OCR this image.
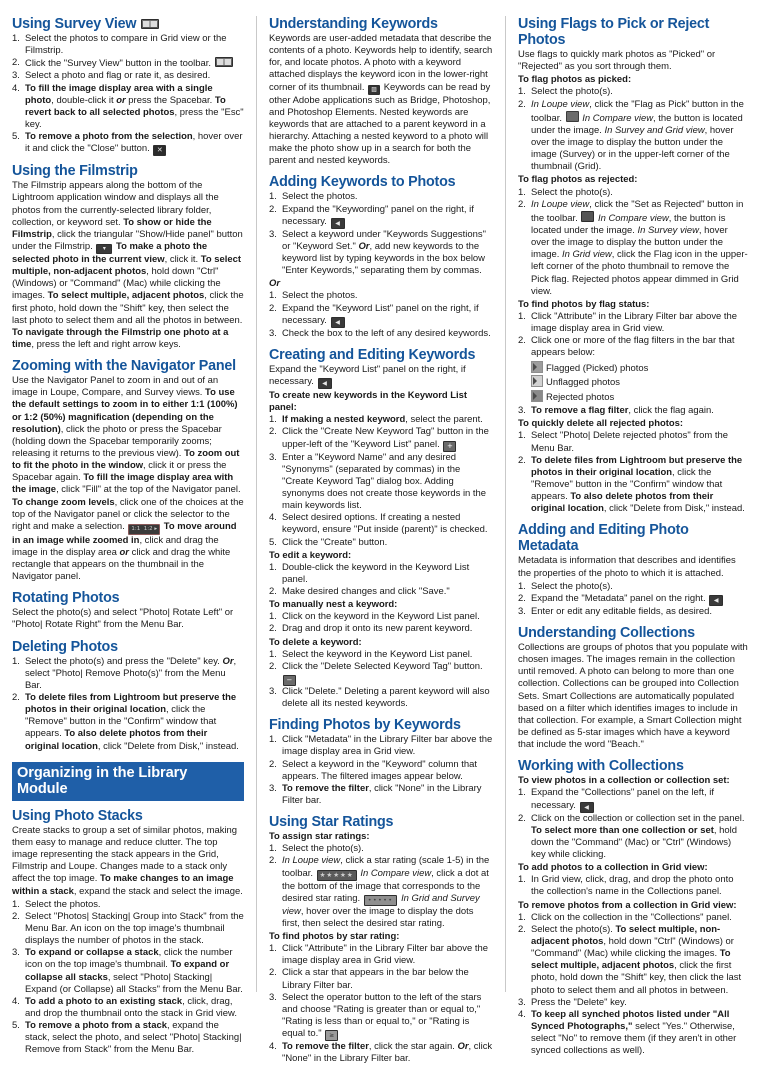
Using Survey View
Select the photos to compare in Grid view or the Filmstrip.
Click the "Survey View" button in the toolbar.
Select a photo and flag or rate it, as desired.
To fill the image display area with a single photo, double-click it or press the Spacebar. To revert back to all selected photos, press the "Esc" key.
To remove a photo from the selection, hover over it and click the "Close" button. ✕
Using the Filmstrip

The Filmstrip appears along the bottom of the Lightroom application window and displays all the photos from the currently-selected library folder, collection, or keyword set. To show or hide the Filmstrip, click the triangular "Show/Hide panel" button under the Filmstrip. ▾ To make a photo the selected photo in the current view, click it. To select multiple, non-adjacent photos, hold down "Ctrl" (Windows) or "Command" (Mac) while clicking the images. To select multiple, adjacent photos, click the first photo, hold down the "Shift" key, then select the last photo to select them and all the photos in between. To navigate through the Filmstrip one photo at a time, press the left and right arrow keys.

Zooming with the Navigator Panel

Use the Navigator Panel to zoom in and out of an image in Loupe, Compare, and Survey views. To use the default settings to zoom in to either 1:1 (100%) or 1:2 (50%) magnification (depending on the resolution), click the photo or press the Spacebar (holding down the Spacebar temporarily zooms; releasing it returns to the previous view). To zoom out to fit the photo in the window, click it or press the Spacebar again. To fill the image display area with the image, click "Fill" at the top of the Navigator panel. To change zoom levels, click one of the choices at the top of the Navigator panel or click the selector to the right and make a selection. 1:1  1:2 ▸ To move around in an image while zoomed in, click and drag the image in the display area or click and drag the white rectangle that appears on the thumbnail in the Navigator panel.

Rotating Photos

Select the photo(s) and select "Photo| Rotate Left" or "Photo| Rotate Right" from the Menu Bar.

Deleting Photos
Select the photo(s) and press the "Delete" key. Or, select "Photo| Remove Photo(s)" from the Menu Bar.
To delete files from Lightroom but preserve the photos in their original location, click the "Remove" button in the "Confirm" window that appears. To also delete photos from their original location, click "Delete from Disk," instead.
Organizing in the Library Module
Using Photo Stacks

Create stacks to group a set of similar photos, making them easy to manage and reduce clutter. The top image representing the stack appears in the Grid, Filmstrip and Loupe. Changes made to a stack only affect the top image. To make changes to an image within a stack, expand the stack and select the image.

Select the photos.
Select "Photos| Stacking| Group into Stack" from the Menu Bar. An icon on the top image's thumbnail displays the number of photos in the stack.
To expand or collapse a stack, click the number icon on the top image's thumbnail. To expand or collapse all stacks, select "Photo| Stacking| Expand (or Collapse) all Stacks" from the Menu Bar.
To add a photo to an existing stack, click, drag, and drop the thumbnail onto the stack in Grid view.
To remove a photo from a stack, expand the stack, select the photo, and select "Photo| Stacking| Remove from Stack" from the Menu Bar.
Understanding Keywords

Keywords are user-added metadata that describe the contents of a photo. Keywords help to identify, search for, and locate photos. A photo with a keyword attached displays the keyword icon in the lower-right corner of its thumbnail. ▨ Keywords can be read by other Adobe applications such as Bridge, Photoshop, and Photoshop Elements. Nested keywords are keywords that are attached to a parent keyword in a hierarchy. Attaching a nested keyword to a photo will make the photo show up in a search for both the parent and nested keywords.

Adding Keywords to Photos
Select the photos.
Expand the "Keywording" panel on the right, if necessary. ◀
Select a keyword under "Keywords Suggestions" or "Keyword Set." Or, add new keywords to the keyword list by typing keywords in the box below "Enter Keywords," separating them by commas.

Or

Select the photos.
Expand the "Keyword List" panel on the right, if necessary. ◀
Check the box to the left of any desired keywords.
Creating and Editing Keywords

Expand the "Keyword List" panel on the right, if necessary. ◀

To create new keywords in the Keyword List panel:

If making a nested keyword, select the parent.
Click the "Create New Keyword Tag" button in the upper-left of the "Keyword List" panel. +
Enter a "Keyword Name" and any desired "Synonyms" (separated by commas) in the "Create Keyword Tag" dialog box. Adding synonyms does not create those keywords in the main keywords list.
Select desired options. If creating a nested keyword, ensure "Put inside (parent)" is checked.
Click the "Create" button.

To edit a keyword:

Double-click the keyword in the Keyword List panel.
Make desired changes and click "Save."

To manually nest a keyword:

Click on the keyword in the Keyword List panel.
Drag and drop it onto its new parent keyword.

To delete a keyword:

Select the keyword in the Keyword List panel.
Click the "Delete Selected Keyword Tag" button. −
Click "Delete." Deleting a parent keyword will also delete all its nested keywords.
Finding Photos by Keywords
Click "Metadata" in the Library Filter bar above the image display area in Grid view.
Select a keyword in the "Keyword" column that appears. The filtered images appear below.
To remove the filter, click "None" in the Library Filter bar.
Using Star Ratings

To assign star ratings:

Select the photo(s).
In Loupe view, click a star rating (scale 1-5) in the toolbar. ★★★★★ In Compare view, click a dot at the bottom of the image that corresponds to the desired star rating. ••••• In Grid and Survey view, hover over the image to display the dots first, then select the desired star rating.

To find photos by star rating:

Click "Attribute" in the Library Filter bar above the image display area in Grid view.
Click a star that appears in the bar below the Library Filter bar.
Select the operator button to the left of the stars and choose "Rating is greater than or equal to," "Rating is less than or equal to," or "Rating is equal to." ≥
To remove the filter, click the star again. Or, click "None" in the Library Filter bar.
Using Flags to Pick or Reject Photos

Use flags to quickly mark photos as "Picked" or "Rejected" as you sort through them.

To flag photos as picked:

Select the photo(s).
In Loupe view, click the "Flag as Pick" button in the toolbar.  In Compare view, the button is located under the image. In Survey and Grid view, hover over the image to display the button under the image (Survey) or in the upper-left corner of the thumbnail (Grid).

To flag photos as rejected:

Select the photo(s).
In Loupe view, click the "Set as Rejected" button in the toolbar.  In Compare view, the button is located under the image. In Survey view, hover over the image to display the button under the image. In Grid view, click the Flag icon in the upper-left corner of the photo thumbnail to remove the Pick flag. Rejected photos appear dimmed in Grid view.

To find photos by flag status:

Click "Attribute" in the Library Filter bar above the image display area in Grid view.
Click one or more of the flag filters in the bar that appears below:
Flagged (Picked) photos
Unflagged photos
Rejected photos
To remove a flag filter, click the flag again.

To quickly delete all rejected photos:

Select "Photo| Delete rejected photos" from the Menu Bar.
To delete files from Lightroom but preserve the photos in their original location, click the "Remove" button in the "Confirm" window that appears. To also delete photos from their original location, click "Delete from Disk," instead.
Adding and Editing Photo Metadata

Metadata is information that describes and identifies the properties of the photo to which it is attached.

Select the photo(s).
Expand the "Metadata" panel on the right. ◀
Enter or edit any editable fields, as desired.
Understanding Collections

Collections are groups of photos that you populate with chosen images. The images remain in the collection until removed. A photo can belong to more than one collection. Collections can be grouped into Collection Sets. Smart Collections are automatically populated based on a filter which identifies images to include in that collection. For example, a Smart Collection might be defined as 5-star images which have a keyword that include the word "Beach."

Working with Collections

To view photos in a collection or collection set:

Expand the "Collections" panel on the left, if necessary. ◀
Click on the collection or collection set in the panel. To select more than one collection or set, hold down the "Command" (Mac) or "Ctrl" (Windows) key while clicking.

To add photos to a collection in Grid view:

In Grid view, click, drag, and drop the photo onto the collection's name in the Collections panel.

To remove photos from a collection in Grid view:

Click on the collection in the "Collections" panel.
Select the photo(s). To select multiple, non-adjacent photos, hold down "Ctrl" (Windows) or "Command" (Mac) while clicking the images. To select multiple, adjacent photos, click the first photo, hold down the "Shift" key, then click the last photo to select them and all photos in between.
Press the "Delete" key.
To keep all synched photos listed under "All Synced Photographs," select "Yes." Otherwise, select "No" to remove them (if they aren't in other synced collections as well).
